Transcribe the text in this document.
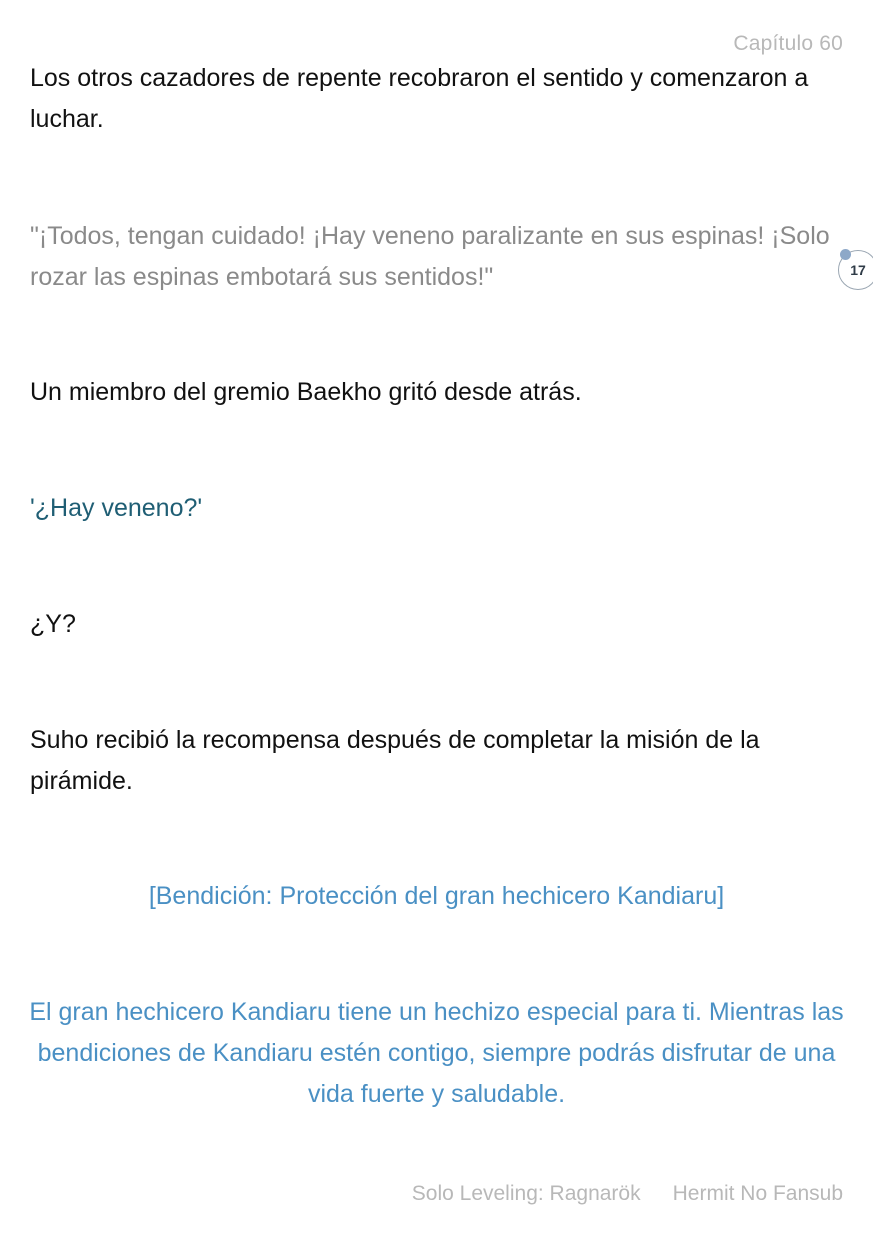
Capítulo 60

Los otros cazadores de repente recobraron el sentido y comenzaron a luchar.

"¡Todos, tengan cuidado! ¡Hay veneno paralizante en sus espinas! ¡Solo rozar las espinas embotará sus sentidos!"

Un miembro del gremio Baekho gritó desde atrás.

'¿Hay veneno?'

¿Y?

Suho recibió la recompensa después de completar la misión de la pirámide.

[Bendición: Protección del gran hechicero Kandiaru]

El gran hechicero Kandiaru tiene un hechizo especial para ti. Mientras las bendiciones de Kandiaru estén contigo, siempre podrás disfrutar de una vida fuerte y saludable.

17
Solo Leveling: Ragnarök Hermit No Fansub
